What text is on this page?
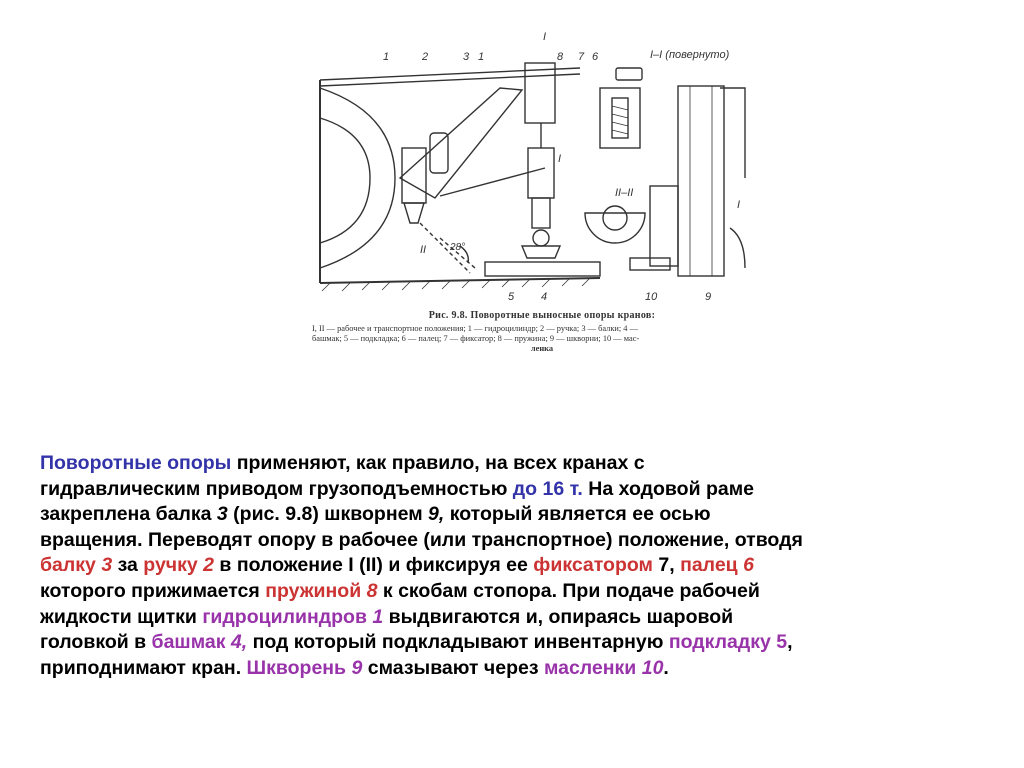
I
I
I–I (повернуто)
II–II
28°
II
I
1	2	3 1	8 7 6
5 4	10	9
Рис. 9.8. Поворотные выносные опоры кранов:
I, II — рабочее и транспортное положения; 1 — гидроцилиндр; 2 — ручка; 3 — балки; 4 —
башмак; 5 — подкладка; 6 — палец; 7 — фиксатор; 8 — пружина; 9 — шкворни; 10 — мас-
ленка
Поворотные опоры применяют, как правило, на всех кранах с
гидравлическим приводом грузоподъемностью до 16 т. На ходовой раме
закреплена балка 3 (рис. 9.8) шкворнем 9, который является ее осью
вращения. Переводят опору в рабочее (или транспортное) положение, отводя
балку 3 за ручку 2 в положение I (II) и фиксируя ее фиксатором 7, палец 6
которого прижимается пружиной 8 к скобам стопора. При подаче рабочей
жидкости щитки гидроцилиндров 1 выдвигаются и, опираясь шаровой
головкой в башмак 4, под который подкладывают инвентарную подкладку 5,
приподнимают кран. Шкворень 9 смазывают через масленки 10.
